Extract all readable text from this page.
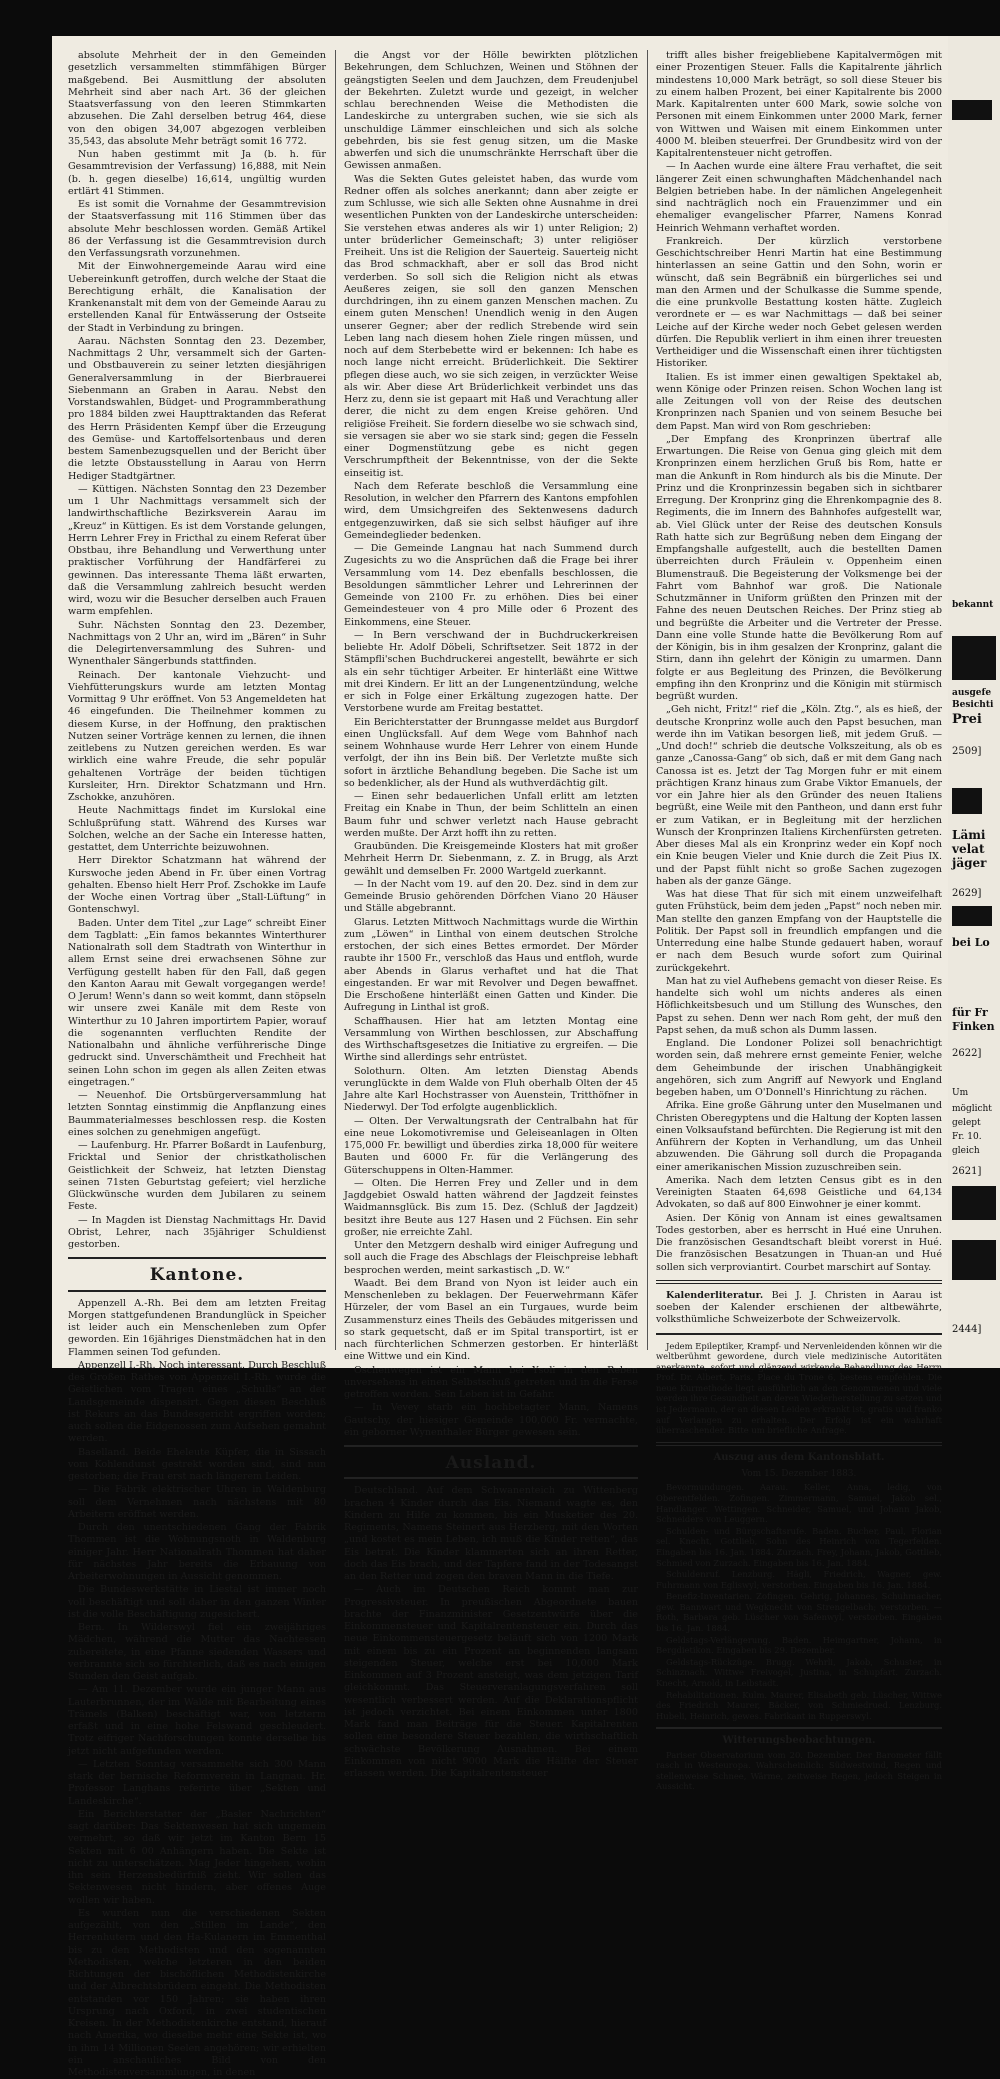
absolute Mehrheit der in den Gemeinden gesetzlich versammelten stimmfähigen Bürger maßgebend. Bei Ausmittlung der absoluten Mehrheit sind aber nach Art. 36 der gleichen Staatsverfassung von den leeren Stimmkarten abzusehen. Die Zahl derselben betrug 464, diese von den obigen 34,007 abgezogen verbleiben 35,543, das absolute Mehr beträgt somit 16 772.

Nun haben gestimmt mit Ja (b. h. für Gesammtrevision der Verfassung) 16,888, mit Nein (b. h. gegen dieselbe) 16,614, ungültig wurden ertlärt 41 Stimmen.

Es ist somit die Vornahme der Gesammtrevision der Staatsverfassung mit 116 Stimmen über das absolute Mehr beschlossen worden. Gemäß Artikel 86 der Verfassung ist die Gesammtrevision durch den Verfassungsrath vorzunehmen.

Mit der Einwohnergemeinde Aarau wird eine Uebereinkunft getroffen, durch welche der Staat die Berechtigung erhält, die Kanalisation der Krankenanstalt mit dem von der Gemeinde Aarau zu erstellenden Kanal für Entwässerung der Ostseite der Stadt in Verbindung zu bringen.

Aarau. Nächsten Sonntag den 23. Dezember, Nachmittags 2 Uhr, versammelt sich der Garten- und Obstbauverein zu seiner letzten diesjährigen Generalversammlung in der Bierbrauerei Siebenmann an Graben in Aarau. Nebst den Vorstandswahlen, Büdget- und Programmberathung pro 1884 bilden zwei Haupttraktanden das Referat des Herrn Präsidenten Kempf über die Erzeugung des Gemüse- und Kartoffelsortenbaus und deren bestem Samenbezugsquellen und der Bericht über die letzte Obstausstellung in Aarau von Herrn Hediger Stadtgärtner.

— Küttigen. Nächsten Sonntag den 23 Dezember um 1 Uhr Nachmittags versammelt sich der landwirthschaftliche Bezirksverein Aarau im „Kreuz“ in Küttigen. Es ist dem Vorstande gelungen, Herrn Lehrer Frey in Fricthal zu einem Referat über Obstbau, ihre Behandlung und Verwerthung unter praktischer Vorführung der Handfärferei zu gewinnen. Das interessante Thema läßt erwarten, daß die Versammlung zahlreich besucht werden wird, wozu wir die Besucher derselben auch Frauen warm empfehlen.

Suhr. Nächsten Sonntag den 23. Dezember, Nachmittags von 2 Uhr an, wird im „Bären“ in Suhr die Delegirtenversammlung des Suhren- und Wynenthaler Sängerbunds stattfinden.

Reinach. Der kantonale Viehzucht- und Viehfütterungskurs wurde am letzten Montag Vormittag 9 Uhr eröffnet. Von 53 Angemeldeten hat 46 eingefunden. Die Theilnehmer kommen zu diesem Kurse, in der Hoffnung, den praktischen Nutzen seiner Vorträge kennen zu lernen, die ihnen zeitlebens zu Nutzen gereichen werden. Es war wirklich eine wahre Freude, die sehr populär gehaltenen Vorträge der beiden tüchtigen Kursleiter, Hrn. Direktor Schatzmann und Hrn. Zschokke, anzuhören.

Heute Nachmittags findet im Kurslokal eine Schlußprüfung statt. Während des Kurses war Solchen, welche an der Sache ein Interesse hatten, gestattet, dem Unterrichte beizuwohnen.

Herr Direktor Schatzmann hat während der Kurswoche jeden Abend in Fr. über einen Vortrag gehalten. Ebenso hielt Herr Prof. Zschokke im Laufe der Woche einen Vortrag über „Stall-Lüftung“ in Gontenschwyl.

Baden. Unter dem Titel „zur Lage“ schreibt Einer dem Tagblatt: „Ein famos bekanntes Winterthurer Nationalrath soll dem Stadtrath von Winterthur in allem Ernst seine drei erwachsenen Söhne zur Verfügung gestellt haben für den Fall, daß gegen den Kanton Aarau mit Gewalt vorgegangen werde! O Jerum! Wenn's dann so weit kommt, dann stöpseln wir unsere zwei Kanäle mit dem Reste von Winterthur zu 10 Jahren importirtem Papier, worauf die sogenannten verfluchten Rendite der Nationalbahn und ähnliche verführerische Dinge gedruckt sind. Unverschämtheit und Frechheit hat seinen Lohn schon im gegen als allen Zeiten etwas eingetragen.“

— Neuenhof. Die Ortsbürgerversammlung hat letzten Sonntag einstimmig die Anpflanzung eines Baummaterialmesses beschlossen resp. die Kosten eines solchen zu genehmigen angefügt.

— Laufenburg. Hr. Pfarrer Boßardt in Laufenburg, Fricktal und Senior der christkatholischen Geistlichkeit der Schweiz, hat letzten Dienstag seinen 71sten Geburtstag gefeiert; viel herzliche Glückwünsche wurden dem Jubilaren zu seinem Feste.

— In Magden ist Dienstag Nachmittags Hr. David Obrist, Lehrer, nach 35jähriger Schuldienst gestorben.

Kantone.

Appenzell A.-Rh. Bei dem am letzten Freitag Morgen stattgefundenen Brandunglück in Speicher ist leider auch ein Menschenleben zum Opfer geworden. Ein 16jähriges Dienstmädchen hat in den Flammen seinen Tod gefunden.

Appenzell I.-Rh. Noch interessant. Durch Beschluß des Großen Rathes von Appenzell I.-Rh. wurde die Geistlichen vom Tragen eines „Schulls“ an der Landsgemeinde dispensirt. Gegen diesen Beschluß ist Rekurs an das Bundesgericht ergriffen worden; auch sollen die Eidgenossen zum Aufsehen gemahnt werden.

Baselland. Beide Eheleute Küpfer, die in Sissach vom Kohlendunst gestrekt worden sind, sind nun gestorben; die Frau erst nach längerem Leiden.

— Die Fabrik elektrischer Uhren in Waldenburg soll dem Vernehmen nach nächstens mit 80 Arbeitern eröffnet werden.

Durch den unentschiedenen Gang der Fabrik Thommen ist die Wohnungsnoth in Waldenburg einiger Jahr. Herr Nationalrath Thommen hat daher für nächstes Jahr bereits die Erbauung von Arbeiterwohnungen in Aussicht genommen.

Die Bundeswerkstätte in Liestal ist immer noch voll beschäftigt und soll daher in den ganzen Winter ist die volle Beschäftigung zugesichert.

Bern. In Wilderswyl fiel ein zweijähriges Mädchen, während die Mutter das Nachtessen zubereitete, in eine Pfanne siedenden Wassers und verbrannte sich so fürchterlich, daß es nach einigen Stunden den Geist aufgab.

— Am 11. Dezember wurde ein junger Mann aus Lauterbrunnen, der im Walde mit Bearbeitung eines Trämels (Balken) beschäftigt war, von letzterm erfaßt und in eine hohe Felswand geschleudert. Trotz eifriger Nachforschungen konnte derselbe bis jetzt nicht aufgefunden werden.

— Letzten Sonntag versammelte sich 300 Mann stark der bernische Reformverein in Langnau. Hr. Professor Langhans referirte über „Sekten und Landeskirche“.

Ein Berichterstatter der „Basler Nachrichten“ sagt darüber: Das Sektenwesen hat sich ungemein vermehrt, so daß wir jetzt im Kanton Bern 15 Sekten mit 6 00 Anhängern haben. Die Sekte ist nicht zu unterschätzen. Mag Jeder hingehen, wohin ihn sein Herzensbedürfniß zieht. Wir sollen das Sektenwesen nicht hindern, aber offenes Auge wollen wir haben.

Es wurden nun die verschiedenen Sekten aufgezählt, von den „Stillen im Lande“, den Herrenhutern und den Ha-Kulanern im Emmenthal bis zu den Methodisten und den sogenannten Methodisten, welche letzteren in den beiden Richtungen der bischöflichen Methodistenkirche und der Albrechtsbrüdern eingeht. Die Methodisten entstanden vor 150 Jahren; sie haben ihren Ursprung nach Oxford, in zwei studentischen Kreisen. In der Methodistenkirche entstand, hierauf nach Amerika, wo dieselbe mehr eine Sekte ist, wo in ihm 14 Millionen Seelen angehören; wir erhielten ein anschauliches Bild von den Methodistenversammlungen, in denen

die Angst vor der Hölle bewirkten plötzlichen Bekehrungen, dem Schluchzen, Weinen und Stöhnen der geängstigten Seelen und dem Jauchzen, dem Freudenjubel der Bekehrten. Zuletzt wurde und gezeigt, in welcher schlau berechnenden Weise die Methodisten die Landeskirche zu untergraben suchen, wie sie sich als unschuldige Lämmer einschleichen und sich als solche gebehrden, bis sie fest genug sitzen, um die Maske abwerfen und sich die unumschränkte Herrschaft über die Gewissen anmaßen.

Was die Sekten Gutes geleistet haben, das wurde vom Redner offen als solches anerkannt; dann aber zeigte er zum Schlusse, wie sich alle Sekten ohne Ausnahme in drei wesentlichen Punkten von der Landeskirche unterscheiden: Sie verstehen etwas anderes als wir 1) unter Religion; 2) unter brüderlicher Gemeinschaft; 3) unter religiöser Freiheit. Uns ist die Religion der Sauerteig. Sauerteig nicht das Brod schmackhaft, aber er soll das Brod nicht verderben. So soll sich die Religion nicht als etwas Aeußeres zeigen, sie soll den ganzen Menschen durchdringen, ihn zu einem ganzen Menschen machen. Zu einem guten Menschen! Unendlich wenig in den Augen unserer Gegner; aber der redlich Strebende wird sein Leben lang nach diesem hohen Ziele ringen müssen, und noch auf dem Sterbebette wird er bekennen: Ich habe es noch lange nicht erreicht. Brüderlichkeit. Die Sektirer pflegen diese auch, wo sie sich zeigen, in verzückter Weise als wir. Aber diese Art Brüderlichkeit verbindet uns das Herz zu, denn sie ist gepaart mit Haß und Verachtung aller derer, die nicht zu dem engen Kreise gehören. Und religiöse Freiheit. Sie fordern dieselbe wo sie schwach sind, sie versagen sie aber wo sie stark sind; gegen die Fesseln einer Dogmenstützung gebe es nicht gegen Verschrumpftheit der Bekenntnisse, von der die Sekte einseitig ist.

Nach dem Referate beschloß die Versammlung eine Resolution, in welcher den Pfarrern des Kantons empfohlen wird, dem Umsichgreifen des Sektenwesens dadurch entgegenzuwirken, daß sie sich selbst häufiger auf ihre Gemeindeglieder bedenken.

— Die Gemeinde Langnau hat nach Summend durch Zugesichts zu wo die Ansprüchen daß die Frage bei ihrer Versammlung vom 14. Dez ebenfalls beschlossen, die Besoldungen sämmtlicher Lehrer und Lehrerinnen der Gemeinde von 2100 Fr. zu erhöhen. Dies bei einer Gemeindesteuer von 4 pro Mille oder 6 Prozent des Einkommens, eine Steuer.

— In Bern verschwand der in Buchdruckerkreisen beliebte Hr. Adolf Döbeli, Schriftsetzer. Seit 1872 in der Stämpfli'schen Buchdruckerei angestellt, bewährte er sich als ein sehr tüchtiger Arbeiter. Er hinterläßt eine Wittwe mit drei Kindern. Er litt an der Lungenentzündung, welche er sich in Folge einer Erkältung zugezogen hatte. Der Verstorbene wurde am Freitag bestattet.

Ein Berichterstatter der Brunngasse meldet aus Burgdorf einen Unglücksfall. Auf dem Wege vom Bahnhof nach seinem Wohnhause wurde Herr Lehrer von einem Hunde verfolgt, der ihn ins Bein biß. Der Verletzte mußte sich sofort in ärztliche Behandlung begeben. Die Sache ist um so bedenklicher, als der Hund als wuthverdächtig gilt.

— Einen sehr bedauerlichen Unfall erlitt am letzten Freitag ein Knabe in Thun, der beim Schlitteln an einen Baum fuhr und schwer verletzt nach Hause gebracht werden mußte. Der Arzt hofft ihn zu retten.

Graubünden. Die Kreisgemeinde Klosters hat mit großer Mehrheit Herrn Dr. Siebenmann, z. Z. in Brugg, als Arzt gewählt und demselben Fr. 2000 Wartgeld zuerkannt.

— In der Nacht vom 19. auf den 20. Dez. sind in dem zur Gemeinde Brusio gehörenden Dörfchen Viano 20 Häuser und Ställe abgebrannt.

Glarus. Letzten Mittwoch Nachmittags wurde die Wirthin zum „Löwen“ in Linthal von einem deutschen Strolche erstochen, der sich eines Bettes ermordet. Der Mörder raubte ihr 1500 Fr., verschloß das Haus und entfloh, wurde aber Abends in Glarus verhaftet und hat die That eingestanden. Er war mit Revolver und Degen bewaffnet. Die Erschoßene hinterläßt einen Gatten und Kinder. Die Aufregung in Linthal ist groß.

Schaffhausen. Hier hat am letzten Montag eine Versammlung von Wirthen beschlossen, zur Abschaffung des Wirthschaftsgesetzes die Initiative zu ergreifen. — Die Wirthe sind allerdings sehr entrüstet.

Solothurn. Olten. Am letzten Dienstag Abends verunglückte in dem Walde von Fluh oberhalb Olten der 45 Jahre alte Karl Hochstrasser von Auenstein, Tritthöfner in Niederwyl. Der Tod erfolgte augenblicklich.

— Olten. Der Verwaltungsrath der Centralbahn hat für eine neue Lokomotivremise und Geleiseanlagen in Olten 175,000 Fr. bewilligt und überdies zirka 18,000 für weitere Bauten und 6000 Fr. für die Verlängerung des Güterschuppens in Olten-Hammer.

— Olten. Die Herren Frey und Zeller und in dem Jagdgebiet Oswald hatten während der Jagdzeit feinstes Waidmannsglück. Bis zum 15. Dez. (Schluß der Jagdzeit) besitzt ihre Beute aus 127 Hasen und 2 Füchsen. Ein sehr großer, nie erreichte Zahl.

Unter den Metzgern deshalb wird einiger Aufregung und soll auch die Frage des Abschlags der Fleischpreise lebhaft besprochen werden, meint sarkastisch „D. W.“

Waadt. Bei dem Brand von Nyon ist leider auch ein Menschenleben zu beklagen. Der Feuerwehrmann Käfer Hürzeler, der vom Basel an ein Turgaues, wurde beim Zusammensturz eines Theils des Gebäudes mitgerissen und so stark gequetscht, daß er im Spital transportirt, ist er nach fürchterlichen Schmerzen gestorben. Er hinterläßt eine Wittwe und ein Kind.

Oschenwegen ist ein Mann bei Ysoli in den Reben unversehens in einen Selbstschuß getreten und in die Ferse getroffen worden. Sein Leben ist in Gefahr.

— In Vevey starb ein hochbetagter Mann, Namens Gautschy, der hiesiger Gemeinde 100,000 Fr. vermachte, ein geborner Wynenthaler Bürger gewesen sein.

Ausland.

Deutschland. Auf dem Schwanenteich zu Wittenberg brachen 4 Kinder durch das Eis. Niemand wagte es, den Kindern zu Hilfe zu kommen, bis ein Musketier des 20. Regiments, Namens Steinert aus Herzberg, mit den Worten „und kostet es mein Leben, ich muß die Kinder retten“, das Eis betrat. Die Kinder klammerten sich an ihren Retter, doch das Eis brach, und der Tapfere fand in der Todesangst an den Retter und zogen den braven Mann in die Tiefe.

— Auch im Deutschen Reich kommt man zur Progressivsteuer. In preußischen Abgeordnete bauen brachte der Finanzminister Gesetzentwürfe über die Einkommensteuer und Kapitalrentensteuer ein. Durch das neue Einkommensteuergesetz beläuft sich von 1200 Mark mit einem bis zu ein Prozent an beginnenden langsam steigenden Steuer, welche erst bei 10,000 Mark Einkommen auf 3 Prozent ansteigt, was dem jetzigen Tarif gleichkommt. Das Steuerveranlagungsverfahren soll wesentlich verbessert werden. Auf die Deklarationspflicht ist jedoch verzichtet. Bei einem Einkommen unter 1800 Mark fand man Beiträge für die Steuer. Kapitalrenten sollen eine besondere Steuer bezahlen, die wirthschaftlich schwächste Bevölkerung Ausnahmen. Bei einem Einkommen von nicht 9000 Mark die Hälfte der Steuer erlassen werden. Die Kapitalrentensteuer

trifft alles bisher freigebliebene Kapitalvermögen mit einer Prozentigen Steuer. Falls die Kapitalrente jährlich mindestens 10,000 Mark beträgt, so soll diese Steuer bis zu einem halben Prozent, bei einer Kapitalrente bis 2000 Mark. Kapitalrenten unter 600 Mark, sowie solche von Personen mit einem Einkommen unter 2000 Mark, ferner von Wittwen und Waisen mit einem Einkommen unter 4000 M. bleiben steuerfrei. Der Grundbesitz wird von der Kapitalrentensteuer nicht getroffen.

— In Aachen wurde eine ältere Frau verhaftet, die seit längerer Zeit einen schwunghaften Mädchenhandel nach Belgien betrieben habe. In der nämlichen Angelegenheit sind nachträglich noch ein Frauenzimmer und ein ehemaliger evangelischer Pfarrer, Namens Konrad Heinrich Wehmann verhaftet worden.

Frankreich. Der kürzlich verstorbene Geschichtschreiber Henri Martin hat eine Bestimmung hinterlassen an seine Gattin und den Sohn, worin er wünscht, daß sein Begräbniß ein bürgerliches sei und man den Armen und der Schulkasse die Summe spende, die eine prunkvolle Bestattung kosten hätte. Zugleich verordnete er — es war Nachmittags — daß bei seiner Leiche auf der Kirche weder noch Gebet gelesen werden dürfen. Die Republik verliert in ihm einen ihrer treuesten Vertheidiger und die Wissenschaft einen ihrer tüchtigsten Historiker.

Italien. Es ist immer einen gewaltigen Spektakel ab, wenn Könige oder Prinzen reisen. Schon Wochen lang ist alle Zeitungen voll von der Reise des deutschen Kronprinzen nach Spanien und von seinem Besuche bei dem Papst. Man wird von Rom geschrieben:

„Der Empfang des Kronprinzen übertraf alle Erwartungen. Die Reise von Genua ging gleich mit dem Kronprinzen einem herzlichen Gruß bis Rom, hatte er man die Ankunft in Rom hindurch als bis die Minute. Der Prinz und die Kronprinzessin begaben sich in sichtbarer Erregung. Der Kronprinz ging die Ehrenkompagnie des 8. Regiments, die im Innern des Bahnhofes aufgestellt war, ab. Viel Glück unter der Reise des deutschen Konsuls Rath hatte sich zur Begrüßung neben dem Eingang der Empfangshalle aufgestellt, auch die bestellten Damen überreichten durch Fräulein v. Oppenheim einen Blumenstrauß. Die Begeisterung der Volksmenge bei der Fahrt vom Bahnhof war groß. Die Nationale Schutzmänner in Uniform grüßten den Prinzen mit der Fahne des neuen Deutschen Reiches. Der Prinz stieg ab und begrüßte die Arbeiter und die Vertreter der Presse. Dann eine volle Stunde hatte die Bevölkerung Rom auf der Königin, bis in ihm gesalzen der Kronprinz, galant die Stirn, dann ihn gelehrt der Königin zu umarmen. Dann folgte er aus Begleitung des Prinzen, die Bevölkerung empfing ihn den Kronprinz und die Königin mit stürmisch begrüßt wurden.

„Geh nicht, Fritz!“ rief die „Köln. Ztg.“, als es hieß, der deutsche Kronprinz wolle auch den Papst besuchen, man werde ihn im Vatikan besorgen ließ, mit jedem Gruß. — „Und doch!“ schrieb die deutsche Volkszeitung, als ob es ganze „Canossa-Gang“ ob sich, daß er mit dem Gang nach Canossa ist es. Jetzt der Tag Morgen fuhr er mit einem prächtigen Kranz hinaus zum Grabe Viktor Emanuels, der vor ein Jahre hier als den Gründer des neuen Italiens begrüßt, eine Weile mit den Pantheon, und dann erst fuhr er zum Vatikan, er in Begleitung mit der herzlichen Wunsch der Kronprinzen Italiens Kirchenfürsten getreten. Aber dieses Mal als ein Kronprinz weder ein Kopf noch ein Knie beugen Vieler und Knie durch die Zeit Pius IX. und der Papst fühlt nicht so große Sachen zugezogen haben als der ganze Gänge.

Was hat diese That für sich mit einem unzweifelhaft guten Frühstück, beim dem jeden „Papst“ noch neben mir. Man stellte den ganzen Empfang von der Hauptstelle die Politik. Der Papst soll in freundlich empfangen und die Unterredung eine halbe Stunde gedauert haben, worauf er nach dem Besuch wurde sofort zum Quirinal zurückgekehrt.

Man hat zu viel Aufhebens gemacht von dieser Reise. Es handelte sich wohl um nichts anderes als einen Höflichkeitsbesuch und um Stillung des Wunsches, den Papst zu sehen. Denn wer nach Rom geht, der muß den Papst sehen, da muß schon als Dumm lassen.

England. Die Londoner Polizei soll benachrichtigt worden sein, daß mehrere ernst gemeinte Fenier, welche dem Geheimbunde der irischen Unabhängigkeit angehören, sich zum Angriff auf Newyork und England begeben haben, um O'Donnell's Hinrichtung zu rächen.

Afrika. Eine große Gährung unter den Muselmanen und Christen Oberegyptens und die Haltung der Kopten lassen einen Volksaufstand befürchten. Die Regierung ist mit den Anführern der Kopten in Verhandlung, um das Unheil abzuwenden. Die Gährung soll durch die Propaganda einer amerikanischen Mission zuzuschreiben sein.

Amerika. Nach dem letzten Census gibt es in den Vereinigten Staaten 64,698 Geistliche und 64,134 Advokaten, so daß auf 800 Einwohner je einer kommt.

Asien. Der König von Annam ist eines gewaltsamen Todes gestorben, aber es herrscht in Hué eine Unruhen. Die französischen Gesandtschaft bleibt vorerst in Hué. Die französischen Besatzungen in Thuan-an und Hué sollen sich verproviantirt. Courbet marschirt auf Sontay.

Kalenderliteratur. Bei J. J. Christen in Aarau ist soeben der Kalender erschienen der altbewährte, volksthümliche Schweizerbote der Schweizervolk.

Jedem Epileptiker, Krampf- und Nervenleidenden können wir die weltberühmt gewordene, durch viele medizinische Autoritäten anerkannte, sofort und glänzend wirkende Behandlung des Herrn Prof. Dr. Albert, Paris, Place du Trone 6, bestens empfehlen. Die neue Kurmethode liegt ausführlich an den Genommenen und viele werden ihre Gesundheit an deren Wiederherstellung zu setzen und ist Jedermann, der an diesen Leiden erkrankt ist, gratis und franko auf Verlangen zu erhalten. Der Erfolg ist ein wahrhaft überraschender. Bitte um briefliche Anfrage.

Auszug aus dem Kantonsblatt.
Vom 15. Dezember 1883.

Bevormundungen. Aarau. Keller, Anna, ledig, von Oberentfelden. Zofingen. Zimmermann, Samuel, Jakob sel., Handlanger. Wettingen. Schneider, Samuel, und Johann Jakob, Schneiders von Leuggern.

Schulden- und Bürgschaftsrufe. Baden. Bucher, Paul, Florian sel. Knecht, Gottlieb, Sohn des Heinrich von Tegerfelden. Eingaben bis 16. Jan. 1884. Zurzach. Frey, Johann, Jakob, Gottlieb, Schmied von Zurzach. Eingaben bis 16. Jan. 1884.

Schuldenruf. Lenzburg. Hägli, Friedrich, Wagner, gew. Fuhrmann von Egliswyl; verstorben. Eingaben bis 16. Jan. 1884.

Benefiz-Inventarien. Zofingen. Gehrig, Johannes, Schuhmacher, gew. Bannwart und Wegknecht von Strengelbach; verstorben. — Roth, Barbara geb. Lüscher von Safenwyl, verstorben. Eingaben bis 16. Jan. 1884.

Geldstags-Verlängerung. Baden. Heimgartner, Johann, in Bergdietikon. Eingaben bis 29. Dezember.

Geldstags-Rückzüge. Brugg. Wehrli, Jakob, Schuster, in Schinznach. Wittwe Freivogel, Justina, in Schupfart. Zurzach. Knecht, Arnold, in Leibstadt.

Rehabilitationen. Kulm. Maurer, Elisabeth geb. Lüscher, Wittwe des Friedrich Maurer, Bäcker, von Schmiedrued. Lenzburg. Hubeli, Heinrich, gewes. Fabrikant in Rupperswyl.

Witterungsbeobachtungen.

Pariser Observatorium vom 20. Dezember. Der Barometer fällt rasch in Westeuropa. Wahrscheinlich: Südwestwind, Regen und stellenweise Schnee, Wärme, zeitweise Regen, jedoch Steigen in Aussicht.

bekannt
ausgefe
Besichti
Prei
2509]
Lämi
velat
jäger
2629]
bei Lo
für Fr
Finken
2622]
Um
möglicht
gelept
Fr. 10.
gleich
2621]
2444]
